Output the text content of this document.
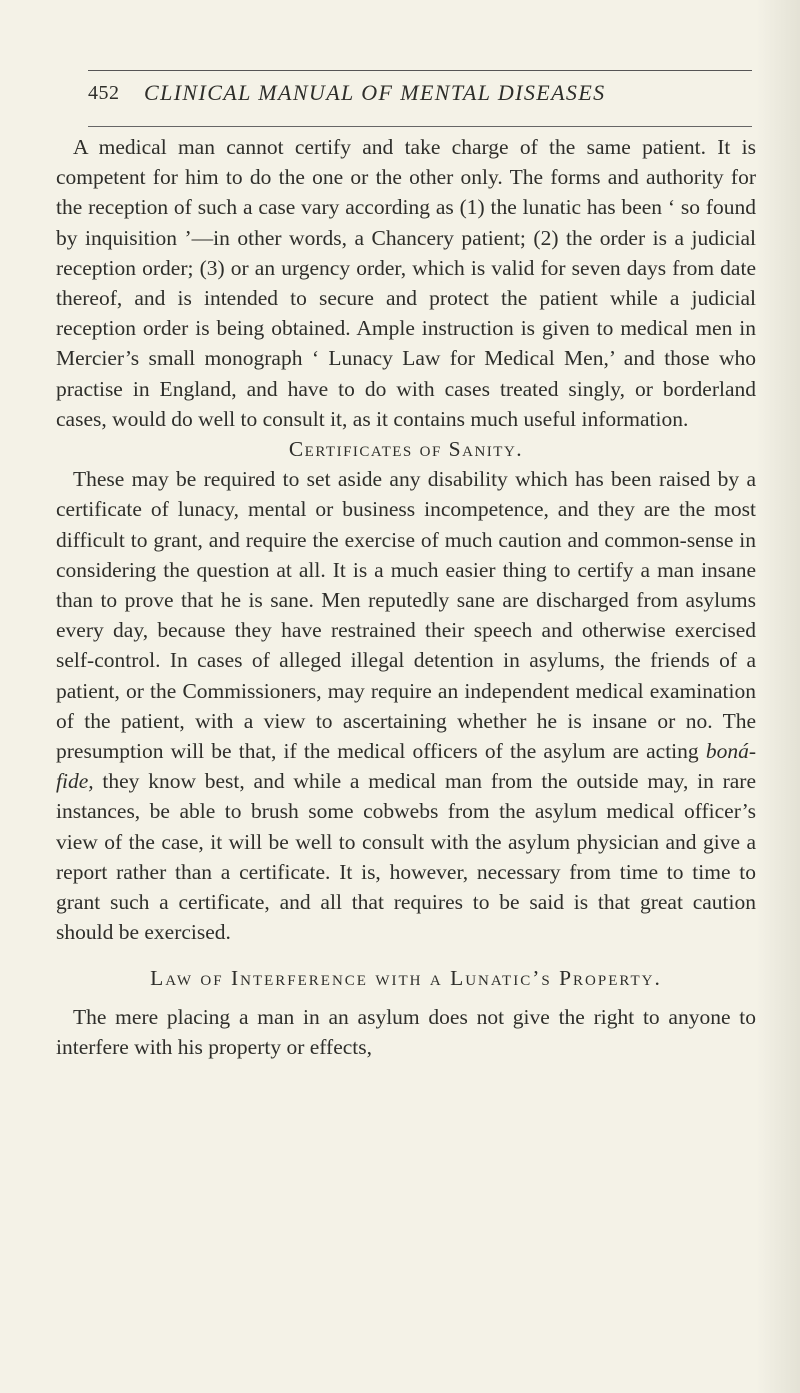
452 CLINICAL MANUAL OF MENTAL DISEASES

A medical man cannot certify and take charge of the same patient. It is competent for him to do the one or the other only. The forms and authority for the reception of such a case vary according as (1) the lunatic has been ‘ so found by inquisition ’—in other words, a Chancery patient; (2) the order is a judicial reception order; (3) or an urgency order, which is valid for seven days from date thereof, and is intended to secure and protect the patient while a judicial reception order is being obtained. Ample instruction is given to medical men in Mercier’s small monograph ‘ Lunacy Law for Medical Men,’ and those who practise in England, and have to do with cases treated singly, or borderland cases, would do well to consult it, as it contains much useful information.

Certificates of Sanity.

These may be required to set aside any disability which has been raised by a certificate of lunacy, mental or business incompetence, and they are the most difficult to grant, and require the exercise of much caution and common-sense in considering the question at all. It is a much easier thing to certify a man insane than to prove that he is sane. Men reputedly sane are discharged from asylums every day, because they have restrained their speech and otherwise exercised self-control. In cases of alleged illegal detention in asylums, the friends of a patient, or the Commissioners, may require an independent medical examination of the patient, with a view to ascertaining whether he is insane or no. The presumption will be that, if the medical officers of the asylum are acting boná-fide, they know best, and while a medical man from the outside may, in rare instances, be able to brush some cobwebs from the asylum medical officer’s view of the case, it will be well to consult with the asylum physician and give a report rather than a certificate. It is, however, necessary from time to time to grant such a certificate, and all that requires to be said is that great caution should be exercised.

Law of Interference with a Lunatic’s Property.

The mere placing a man in an asylum does not give the right to anyone to interfere with his property or effects,
